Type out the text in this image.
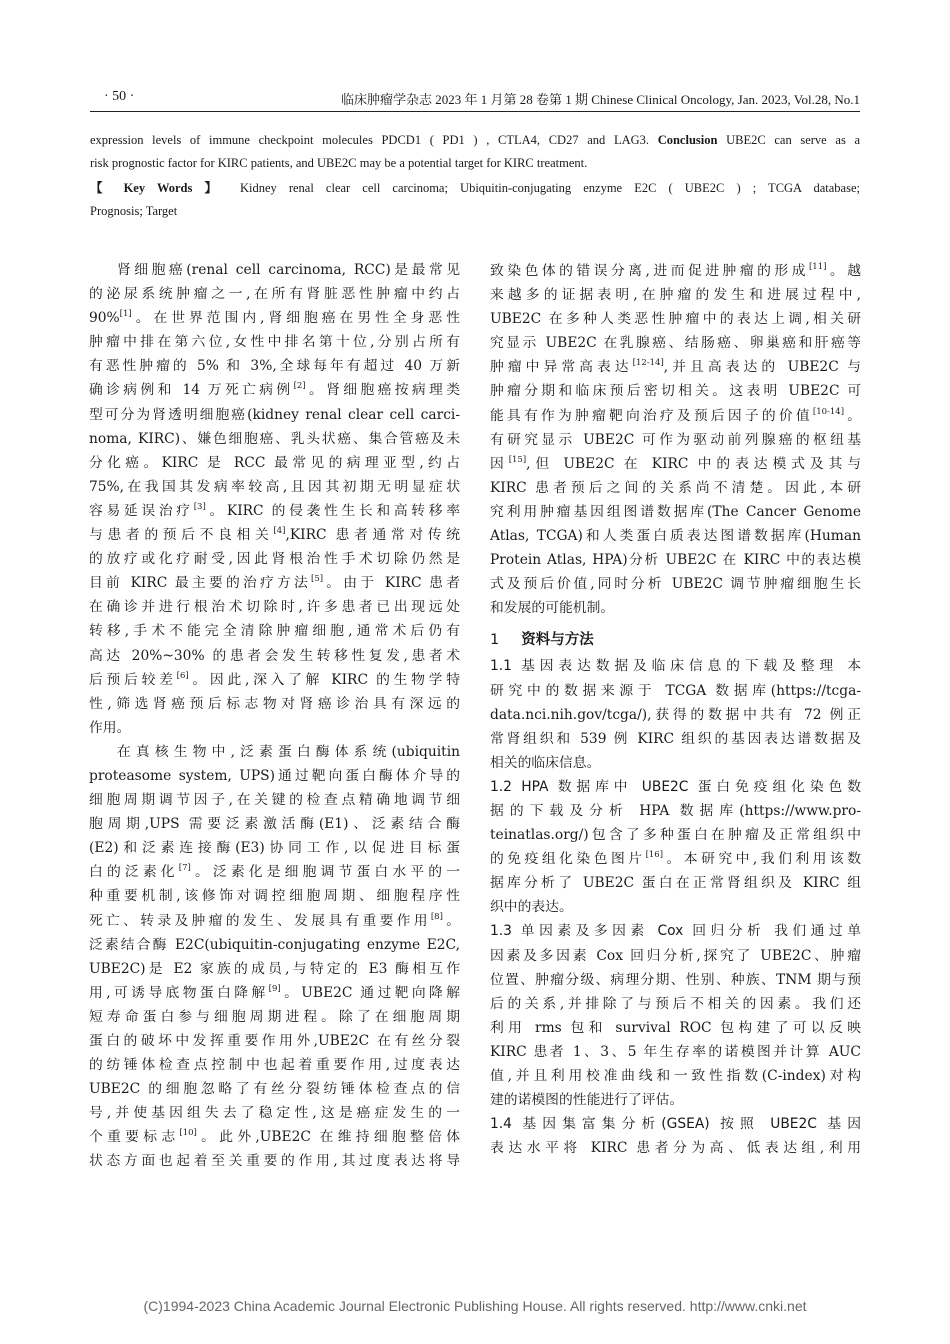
· 50 ·	临床肿瘤学杂志 2023 年 1 月第 28 卷第 1 期 Chinese Clinical Oncology, Jan. 2023, Vol.28, No.1
expression levels of immune checkpoint molecules PDCD1 ( PD1 ) , CTLA4, CD27 and LAG3. Conclusion UBE2C can serve as a
risk prognostic factor for KIRC patients, and UBE2C may be a potential target for KIRC treatment.
【 Key Words 】 Kidney renal clear cell carcinoma; Ubiquitin-conjugating enzyme E2C ( UBE2C ) ; TCGA database;
Prognosis; Target
肾细胞癌(renal cell carcinoma, RCC)是最常见
的泌尿系统肿瘤之一,在所有肾脏恶性肿瘤中约占
90%[1]。在世界范围内,肾细胞癌在男性全身恶性
肿瘤中排在第六位,女性中排名第十位,分别占所有
有恶性肿瘤的 5% 和 3%,全球每年有超过 40 万新
确诊病例和 14 万死亡病例[2]。肾细胞癌按病理类
型可分为肾透明细胞癌(kidney renal clear cell carci-
noma, KIRC)、嫌色细胞癌、乳头状癌、集合管癌及未
分化癌。KIRC 是 RCC 最常见的病理亚型,约占
75%,在我国其发病率较高,且因其初期无明显症状
容易延误治疗[3]。KIRC 的侵袭性生长和高转移率
与患者的预后不良相关[4],KIRC 患者通常对传统
的放疗或化疗耐受,因此肾根治性手术切除仍然是
目前 KIRC 最主要的治疗方法[5]。由于 KIRC 患者
在确诊并进行根治术切除时,许多患者已出现远处
转移,手术不能完全清除肿瘤细胞,通常术后仍有
高达 20%~30% 的患者会发生转移性复发,患者术
后预后较差[6]。因此,深入了解 KIRC 的生物学特
性,筛选肾癌预后标志物对肾癌诊治具有深远的
作用。
在真核生物中,泛素蛋白酶体系统(ubiquitin
proteasome system, UPS)通过靶向蛋白酶体介导的
细胞周期调节因子,在关键的检查点精确地调节细
胞周期,UPS 需要泛素激活酶(E1)、泛素结合酶
(E2)和泛素连接酶(E3)协同工作,以促进目标蛋
白的泛素化[7]。泛素化是细胞调节蛋白水平的一
种重要机制,该修饰对调控细胞周期、细胞程序性
死亡、转录及肿瘤的发生、发展具有重要作用[8]。
泛素结合酶 E2C(ubiquitin-conjugating enzyme E2C,
UBE2C)是 E2 家族的成员,与特定的 E3 酶相互作
用,可诱导底物蛋白降解[9]。UBE2C 通过靶向降解
短寿命蛋白参与细胞周期进程。除了在细胞周期
蛋白的破坏中发挥重要作用外,UBE2C 在有丝分裂
的纺锤体检查点控制中也起着重要作用,过度表达
UBE2C 的细胞忽略了有丝分裂纺锤体检查点的信
号,并使基因组失去了稳定性,这是癌症发生的一
个重要标志[10]。此外,UBE2C 在维持细胞整倍体
状态方面也起着至关重要的作用,其过度表达将导
致染色体的错误分离,进而促进肿瘤的形成[11]。越
来越多的证据表明,在肿瘤的发生和进展过程中,
UBE2C 在多种人类恶性肿瘤中的表达上调,相关研
究显示 UBE2C 在乳腺癌、结肠癌、卵巢癌和肝癌等
肿瘤中异常高表达[12-14],并且高表达的 UBE2C 与
肿瘤分期和临床预后密切相关。这表明 UBE2C 可
能具有作为肿瘤靶向治疗及预后因子的价值[10-14]。
有研究显示 UBE2C 可作为驱动前列腺癌的枢纽基
因[15],但 UBE2C 在 KIRC 中的表达模式及其与
KIRC 患者预后之间的关系尚不清楚。因此,本研
究利用肿瘤基因组图谱数据库(The Cancer Genome
Atlas, TCGA)和人类蛋白质表达图谱数据库(Human
Protein Atlas, HPA)分析 UBE2C 在 KIRC 中的表达模
式及预后价值,同时分析 UBE2C 调节肿瘤细胞生长
和发展的可能机制。
1 资料与方法
1.1 基因表达数据及临床信息的下载及整理 本
研究中的数据来源于 TCGA 数据库(https://tcga-
data.nci.nih.gov/tcga/),获得的数据中共有 72 例正
常肾组织和 539 例 KIRC 组织的基因表达谱数据及
相关的临床信息。
1.2 HPA 数据库中 UBE2C 蛋白免疫组化染色数
据的下载及分析 HPA 数据库(https://www.pro-
teinatlas.org/)包含了多种蛋白在肿瘤及正常组织中
的免疫组化染色图片[16]。本研究中,我们利用该数
据库分析了 UBE2C 蛋白在正常肾组织及 KIRC 组
织中的表达。
1.3 单因素及多因素 Cox 回归分析 我们通过单
因素及多因素 Cox 回归分析,探究了 UBE2C、肿瘤
位置、肿瘤分级、病理分期、性别、种族、TNM 期与预
后的关系,并排除了与预后不相关的因素。我们还
利用 rms 包和 survival ROC 包构建了可以反映
KIRC 患者 1、3、5 年生存率的诺模图并计算 AUC
值,并且利用校准曲线和一致性指数(C-index)对构
建的诺模图的性能进行了评估。
1.4 基因集富集分析(GSEA) 按照 UBE2C 基因
表达水平将 KIRC 患者分为高、低表达组,利用
(C)1994-2023 China Academic Journal Electronic Publishing House. All rights reserved. http://www.cnki.net
